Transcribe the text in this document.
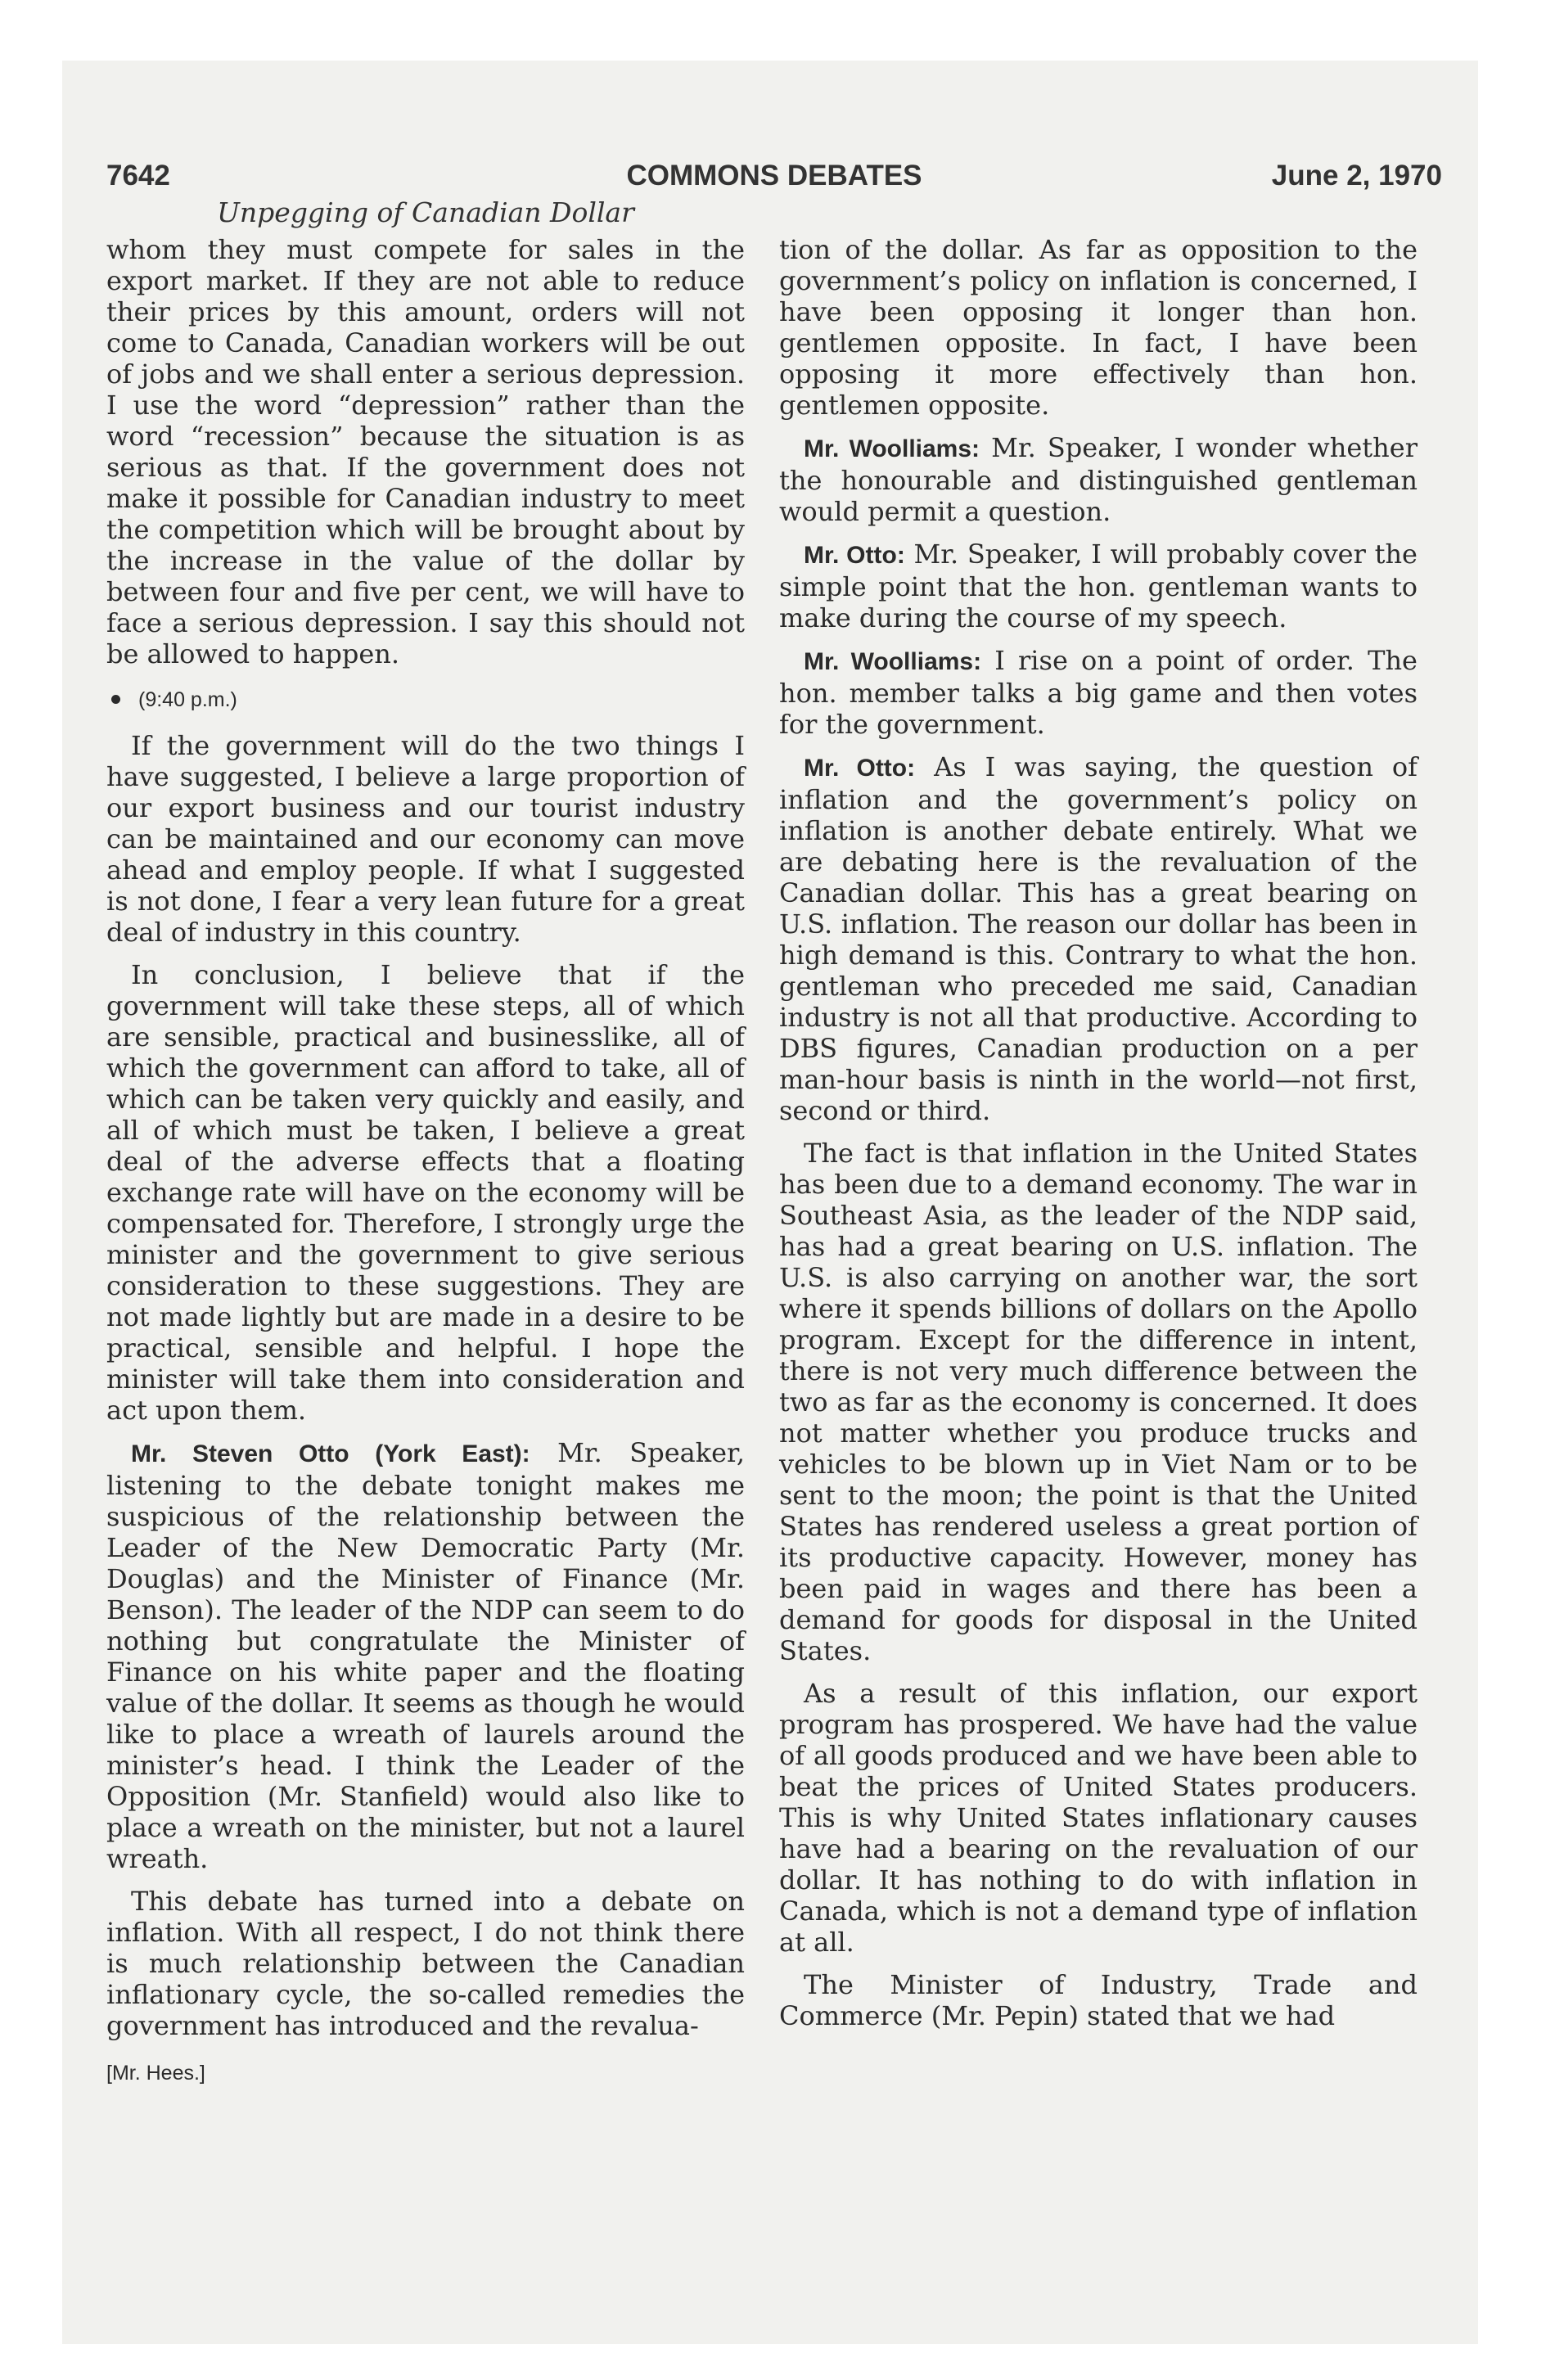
7642	COMMONS DEBATES	June 2, 1970
Unpegging of Canadian Dollar

whom they must compete for sales in the export market. If they are not able to reduce their prices by this amount, orders will not come to Canada, Canadian workers will be out of jobs and we shall enter a serious depression. I use the word “depression” rather than the word “recession” because the situation is as serious as that. If the government does not make it possible for Canadian industry to meet the competition which will be brought about by the increase in the value of the dollar by between four and five per cent, we will have to face a serious depression. I say this should not be allowed to happen.

(9:40 p.m.)

If the government will do the two things I have suggested, I believe a large proportion of our export business and our tourist industry can be maintained and our economy can move ahead and employ people. If what I suggested is not done, I fear a very lean future for a great deal of industry in this country.

In conclusion, I believe that if the government will take these steps, all of which are sensible, practical and businesslike, all of which the government can afford to take, all of which can be taken very quickly and easily, and all of which must be taken, I believe a great deal of the adverse effects that a floating exchange rate will have on the economy will be compensated for. Therefore, I strongly urge the minister and the government to give serious consideration to these suggestions. They are not made lightly but are made in a desire to be practical, sensible and helpful. I hope the minister will take them into consideration and act upon them.

Mr. Steven Otto (York East): Mr. Speaker, listening to the debate tonight makes me suspicious of the relationship between the Leader of the New Democratic Party (Mr. Douglas) and the Minister of Finance (Mr. Benson). The leader of the NDP can seem to do nothing but congratulate the Minister of Finance on his white paper and the floating value of the dollar. It seems as though he would like to place a wreath of laurels around the minister’s head. I think the Leader of the Opposition (Mr. Stanfield) would also like to place a wreath on the minister, but not a laurel wreath.

This debate has turned into a debate on inflation. With all respect, I do not think there is much relationship between the Canadian inflationary cycle, the so-called remedies the government has introduced and the revalua-

[Mr. Hees.]

tion of the dollar. As far as opposition to the government’s policy on inflation is concerned, I have been opposing it longer than hon. gentlemen opposite. In fact, I have been opposing it more effectively than hon. gentlemen opposite.

Mr. Woolliams: Mr. Speaker, I wonder whether the honourable and distinguished gentleman would permit a question.

Mr. Otto: Mr. Speaker, I will probably cover the simple point that the hon. gentleman wants to make during the course of my speech.

Mr. Woolliams: I rise on a point of order. The hon. member talks a big game and then votes for the government.

Mr. Otto: As I was saying, the question of inflation and the government’s policy on inflation is another debate entirely. What we are debating here is the revaluation of the Canadian dollar. This has a great bearing on U.S. inflation. The reason our dollar has been in high demand is this. Contrary to what the hon. gentleman who preceded me said, Canadian industry is not all that productive. According to DBS figures, Canadian production on a per man-hour basis is ninth in the world—not first, second or third.

The fact is that inflation in the United States has been due to a demand economy. The war in Southeast Asia, as the leader of the NDP said, has had a great bearing on U.S. inflation. The U.S. is also carrying on another war, the sort where it spends billions of dollars on the Apollo program. Except for the difference in intent, there is not very much difference between the two as far as the economy is concerned. It does not matter whether you produce trucks and vehicles to be blown up in Viet Nam or to be sent to the moon; the point is that the United States has rendered useless a great portion of its productive capacity. However, money has been paid in wages and there has been a demand for goods for disposal in the United States.

As a result of this inflation, our export program has prospered. We have had the value of all goods produced and we have been able to beat the prices of United States producers. This is why United States inflationary causes have had a bearing on the revaluation of our dollar. It has nothing to do with inflation in Canada, which is not a demand type of inflation at all.

The Minister of Industry, Trade and Commerce (Mr. Pepin) stated that we had
